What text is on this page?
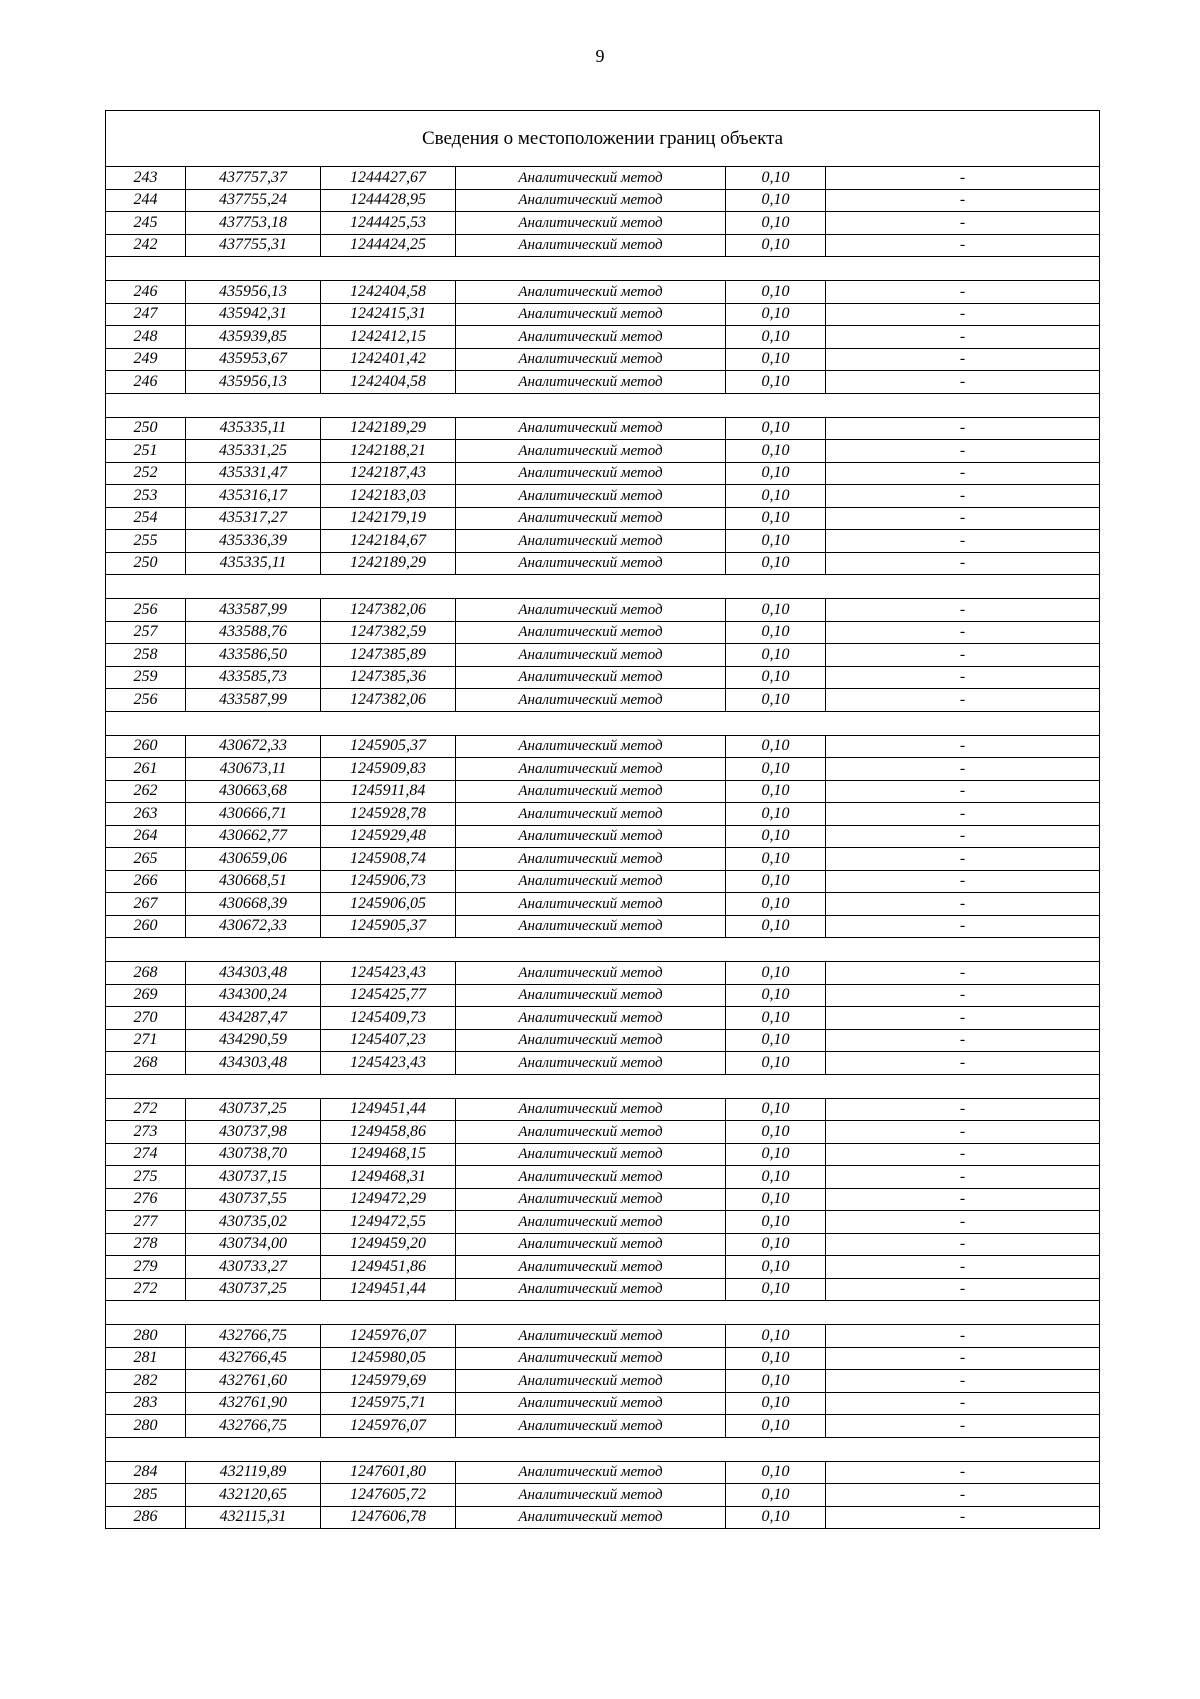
9
Сведения о местоположении границ объекта					
243	437757,37	1244427,67	Аналитический метод	0,10	-
244	437755,24	1244428,95	Аналитический метод	0,10	-
245	437753,18	1244425,53	Аналитический метод	0,10	-
242	437755,31	1244424,25	Аналитический метод	0,10	-

246	435956,13	1242404,58	Аналитический метод	0,10	-
247	435942,31	1242415,31	Аналитический метод	0,10	-
248	435939,85	1242412,15	Аналитический метод	0,10	-
249	435953,67	1242401,42	Аналитический метод	0,10	-
246	435956,13	1242404,58	Аналитический метод	0,10	-

250	435335,11	1242189,29	Аналитический метод	0,10	-
251	435331,25	1242188,21	Аналитический метод	0,10	-
252	435331,47	1242187,43	Аналитический метод	0,10	-
253	435316,17	1242183,03	Аналитический метод	0,10	-
254	435317,27	1242179,19	Аналитический метод	0,10	-
255	435336,39	1242184,67	Аналитический метод	0,10	-
250	435335,11	1242189,29	Аналитический метод	0,10	-

256	433587,99	1247382,06	Аналитический метод	0,10	-
257	433588,76	1247382,59	Аналитический метод	0,10	-
258	433586,50	1247385,89	Аналитический метод	0,10	-
259	433585,73	1247385,36	Аналитический метод	0,10	-
256	433587,99	1247382,06	Аналитический метод	0,10	-

260	430672,33	1245905,37	Аналитический метод	0,10	-
261	430673,11	1245909,83	Аналитический метод	0,10	-
262	430663,68	1245911,84	Аналитический метод	0,10	-
263	430666,71	1245928,78	Аналитический метод	0,10	-
264	430662,77	1245929,48	Аналитический метод	0,10	-
265	430659,06	1245908,74	Аналитический метод	0,10	-
266	430668,51	1245906,73	Аналитический метод	0,10	-
267	430668,39	1245906,05	Аналитический метод	0,10	-
260	430672,33	1245905,37	Аналитический метод	0,10	-

268	434303,48	1245423,43	Аналитический метод	0,10	-
269	434300,24	1245425,77	Аналитический метод	0,10	-
270	434287,47	1245409,73	Аналитический метод	0,10	-
271	434290,59	1245407,23	Аналитический метод	0,10	-
268	434303,48	1245423,43	Аналитический метод	0,10	-

272	430737,25	1249451,44	Аналитический метод	0,10	-
273	430737,98	1249458,86	Аналитический метод	0,10	-
274	430738,70	1249468,15	Аналитический метод	0,10	-
275	430737,15	1249468,31	Аналитический метод	0,10	-
276	430737,55	1249472,29	Аналитический метод	0,10	-
277	430735,02	1249472,55	Аналитический метод	0,10	-
278	430734,00	1249459,20	Аналитический метод	0,10	-
279	430733,27	1249451,86	Аналитический метод	0,10	-
272	430737,25	1249451,44	Аналитический метод	0,10	-

280	432766,75	1245976,07	Аналитический метод	0,10	-
281	432766,45	1245980,05	Аналитический метод	0,10	-
282	432761,60	1245979,69	Аналитический метод	0,10	-
283	432761,90	1245975,71	Аналитический метод	0,10	-
280	432766,75	1245976,07	Аналитический метод	0,10	-

284	432119,89	1247601,80	Аналитический метод	0,10	-
285	432120,65	1247605,72	Аналитический метод	0,10	-
286	432115,31	1247606,78	Аналитический метод	0,10	-
